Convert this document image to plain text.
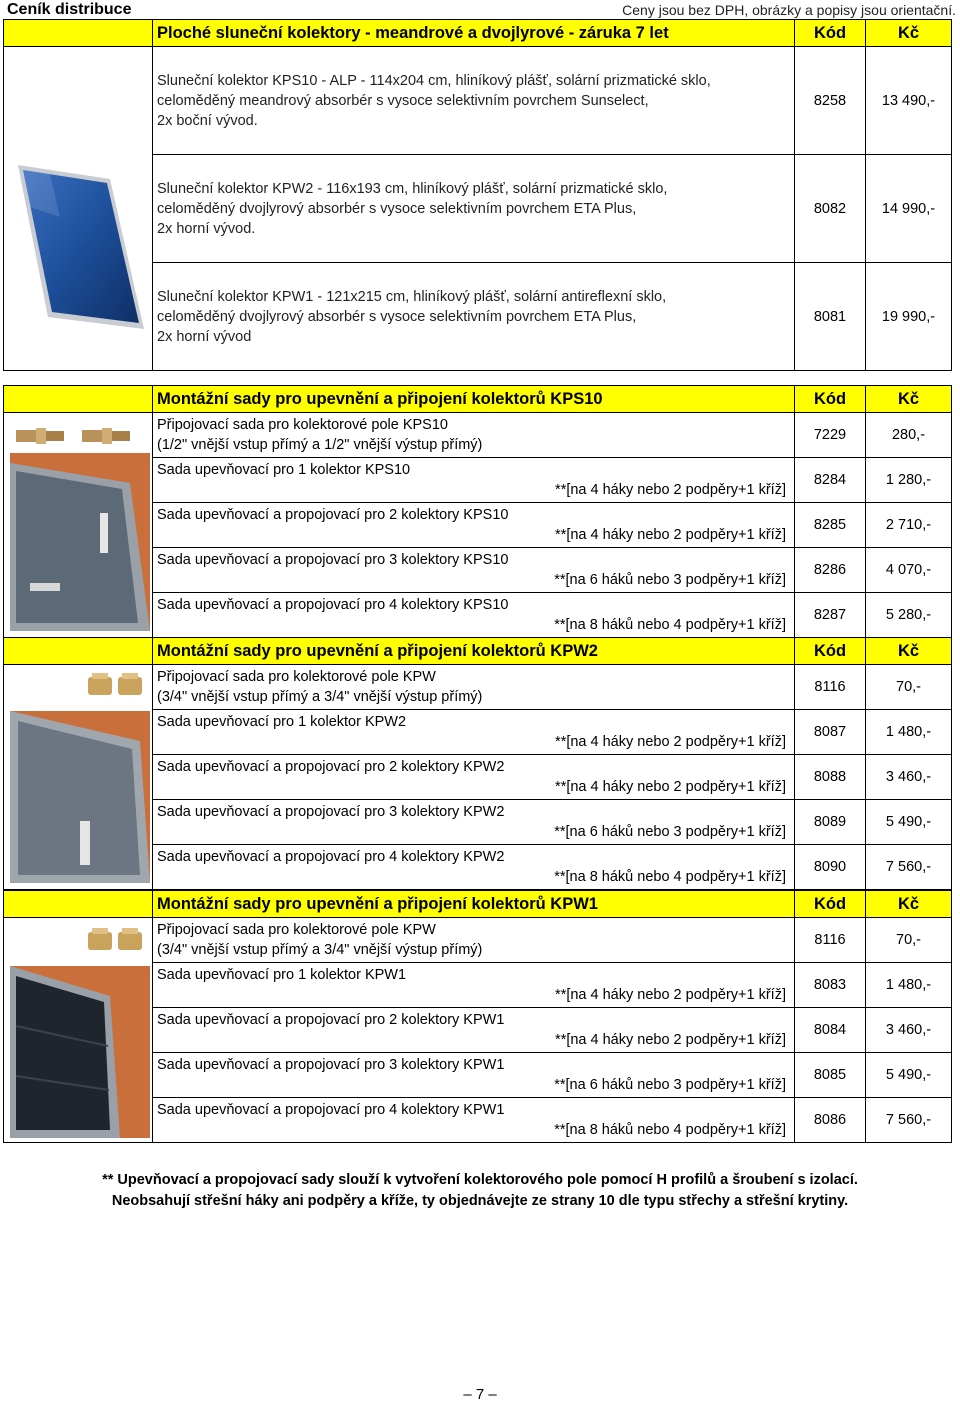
Ceník distribuce	Ceny jsou bez DPH, obrázky a popisy jsou orientační.
	Ploché sluneční kolektory - meandrové a dvojlyrové - záruka 7 let	Kód	Kč

Sluneční kolektor KPS10 - ALP - 114x204 cm, hliníkový plášť, solární prizmatické sklo,
celoměděný meandrový absorbér s vysoce selektivním povrchem Sunselect,
2x boční vývod.	8258	13 490,-

	Sluneční kolektor KPW2 - 116x193 cm, hliníkový plášť, solární prizmatické sklo,
celoměděný dvojlyrový absorbér s vysoce selektivním povrchem ETA Plus,
2x horní vývod.	8082	14 990,-

	Sluneční kolektor KPW1 - 121x215 cm, hliníkový plášť, solární antireflexní sklo,
celoměděný dvojlyrový absorbér s vysoce selektivním povrchem ETA Plus,
2x horní vývod	8081	19 990,-
	Montážní sady pro upevnění a připojení kolektorů KPS10	Kód	Kč

Připojovací sada pro kolektorové pole KPS10
(1/2" vnější vstup přímý a 1/2" vnější výstup přímý)	7229	280,-

	Sada upevňovací pro 1 kolektor KPS10
**[na 4 háky nebo 2 podpěry+1 kříž]	8284	1 280,-

	Sada upevňovací a propojovací pro 2 kolektory KPS10
**[na 4 háky nebo 2 podpěry+1 kříž]	8285	2 710,-

	Sada upevňovací a propojovací pro 3 kolektory KPS10
**[na 6 háků nebo 3 podpěry+1 kříž]	8286	4 070,-

	Sada upevňovací a propojovací pro 4 kolektory KPS10
**[na 8 háků nebo 4 podpěry+1 kříž]	8287	5 280,-
	Montážní sady pro upevnění a připojení kolektorů KPW2	Kód	Kč

Připojovací sada pro kolektorové pole KPW
(3/4" vnější vstup přímý a 3/4" vnější výstup přímý)	8116	70,-

	Sada upevňovací pro 1 kolektor KPW2
**[na 4 háky nebo 2 podpěry+1 kříž]	8087	1 480,-

	Sada upevňovací a propojovací pro 2 kolektory KPW2
**[na 4 háky nebo 2 podpěry+1 kříž]	8088	3 460,-

	Sada upevňovací a propojovací pro 3 kolektory KPW2
**[na 6 háků nebo 3 podpěry+1 kříž]	8089	5 490,-

	Sada upevňovací a propojovací pro 4 kolektory KPW2
**[na 8 háků nebo 4 podpěry+1 kříž]	8090	7 560,-
	Montážní sady pro upevnění a připojení kolektorů KPW1	Kód	Kč

Připojovací sada pro kolektorové pole KPW
(3/4" vnější vstup přímý a 3/4" vnější výstup přímý)	8116	70,-

	Sada upevňovací pro 1 kolektor KPW1
**[na 4 háky nebo 2 podpěry+1 kříž]	8083	1 480,-

	Sada upevňovací a propojovací pro 2 kolektory KPW1
**[na 4 háky nebo 2 podpěry+1 kříž]	8084	3 460,-

	Sada upevňovací a propojovací pro 3 kolektory KPW1
**[na 6 háků nebo 3 podpěry+1 kříž]	8085	5 490,-

	Sada upevňovací a propojovací pro 4 kolektory KPW1
**[na 8 háků nebo 4 podpěry+1 kříž]	8086	7 560,-
** Upevňovací a propojovací sady slouží k vytvoření kolektorového pole pomocí H profilů a šroubení s izolací.
Neobsahují střešní háky ani podpěry a kříže, ty objednávejte ze strany 10 dle typu střechy a střešní krytiny.
– 7 –
